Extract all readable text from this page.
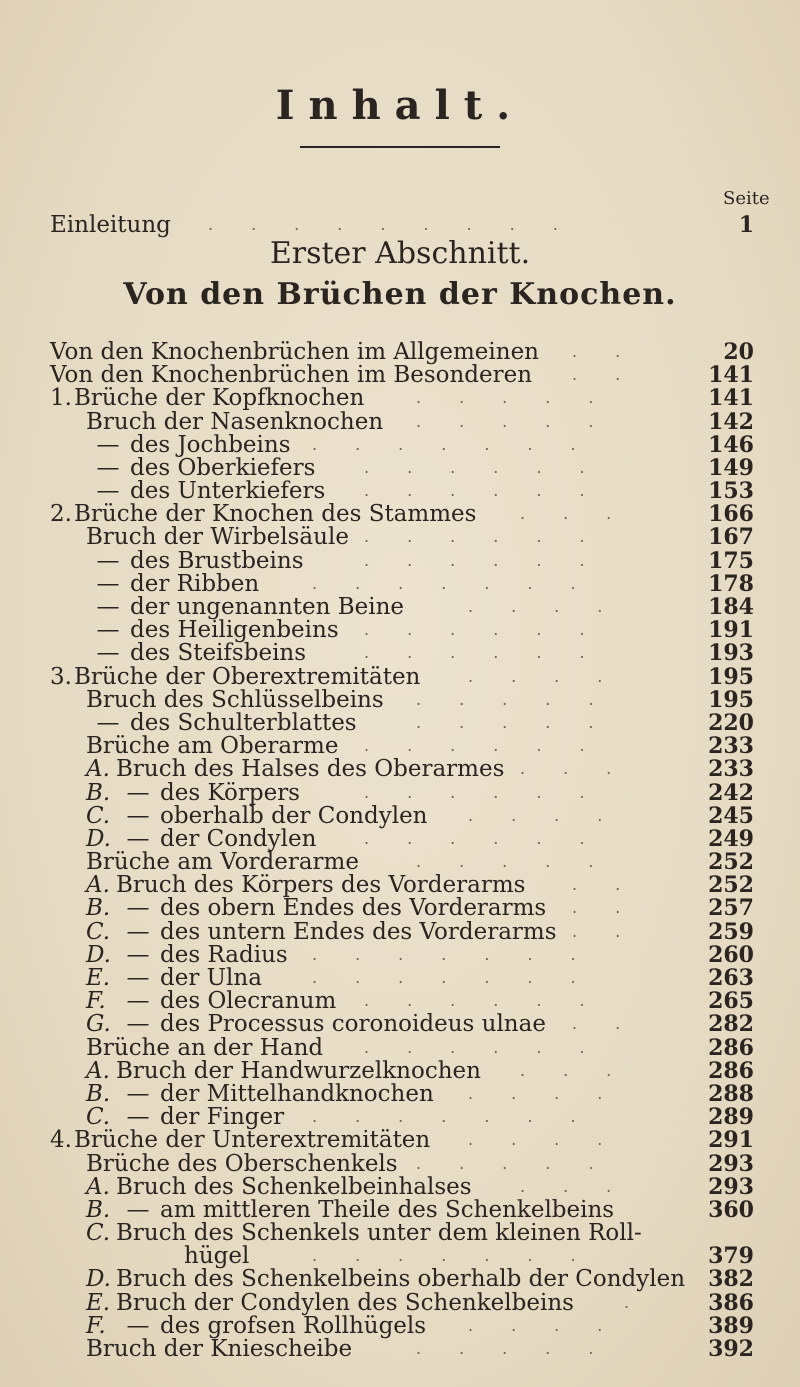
Inhalt.
Seite
Erster Abschnitt.
Von den Brüchen der Knochen.
Einleitung	1
.........
Von den Knochenbrüchen im Allgemeinen	20
..
Von den Knochenbrüchen im Besonderen	141
..
1.Brüche der Kopfknochen	141
.....
Bruch der Nasenknochen	142
.....
— des Jochbeins	146
.......
— des Oberkiefers	149
......
— des Unterkiefers	153
......
2.Brüche der Knochen des Stammes	166
...
Bruch der Wirbelsäule	167
......
— des Brustbeins	175
......
— der Ribben	178
.......
— der ungenannten Beine	184
....
— des Heiligenbeins	191
......
— des Steifsbeins	193
......
3.Brüche der Oberextremitäten	195
....
Bruch des Schlüsselbeins	195
.....
— des Schulterblattes	220
.....
Brüche am Oberarme	233
......
A. Bruch des Halses des Oberarmes	233
...
B. — des Körpers	242
......
C. — oberhalb der Condylen	245
....
D. — der Condylen	249
......
Brüche am Vorderarme	252
.....
A. Bruch des Körpers des Vorderarms	252
..
B. — des obern Endes des Vorderarms	257
..
C. — des untern Endes des Vorderarms	259
..
D. — des Radius	260
.......
E. — der Ulna	263
.......
F. — des Olecranum	265
......
G. — des Processus coronoideus ulnae	282
..
Brüche an der Hand	286
......
A. Bruch der Handwurzelknochen	286
...
B. — der Mittelhandknochen	288
....
C. — der Finger	289
.......
4.Brüche der Unterextremitäten	291
....
Brüche des Oberschenkels	293
.....
A. Bruch des Schenkelbeinhalses	293
...
B. — am mittleren Theile des Schenkelbeins	360
C. Bruch des Schenkels unter dem kleinen Roll-
hügel	379
.......
D. Bruch des Schenkelbeins oberhalb der Condylen	382
E. Bruch der Condylen des Schenkelbeins	386
.
F. — des grofsen Rollhügels	389
....
Bruch der Kniescheibe	392
.....
